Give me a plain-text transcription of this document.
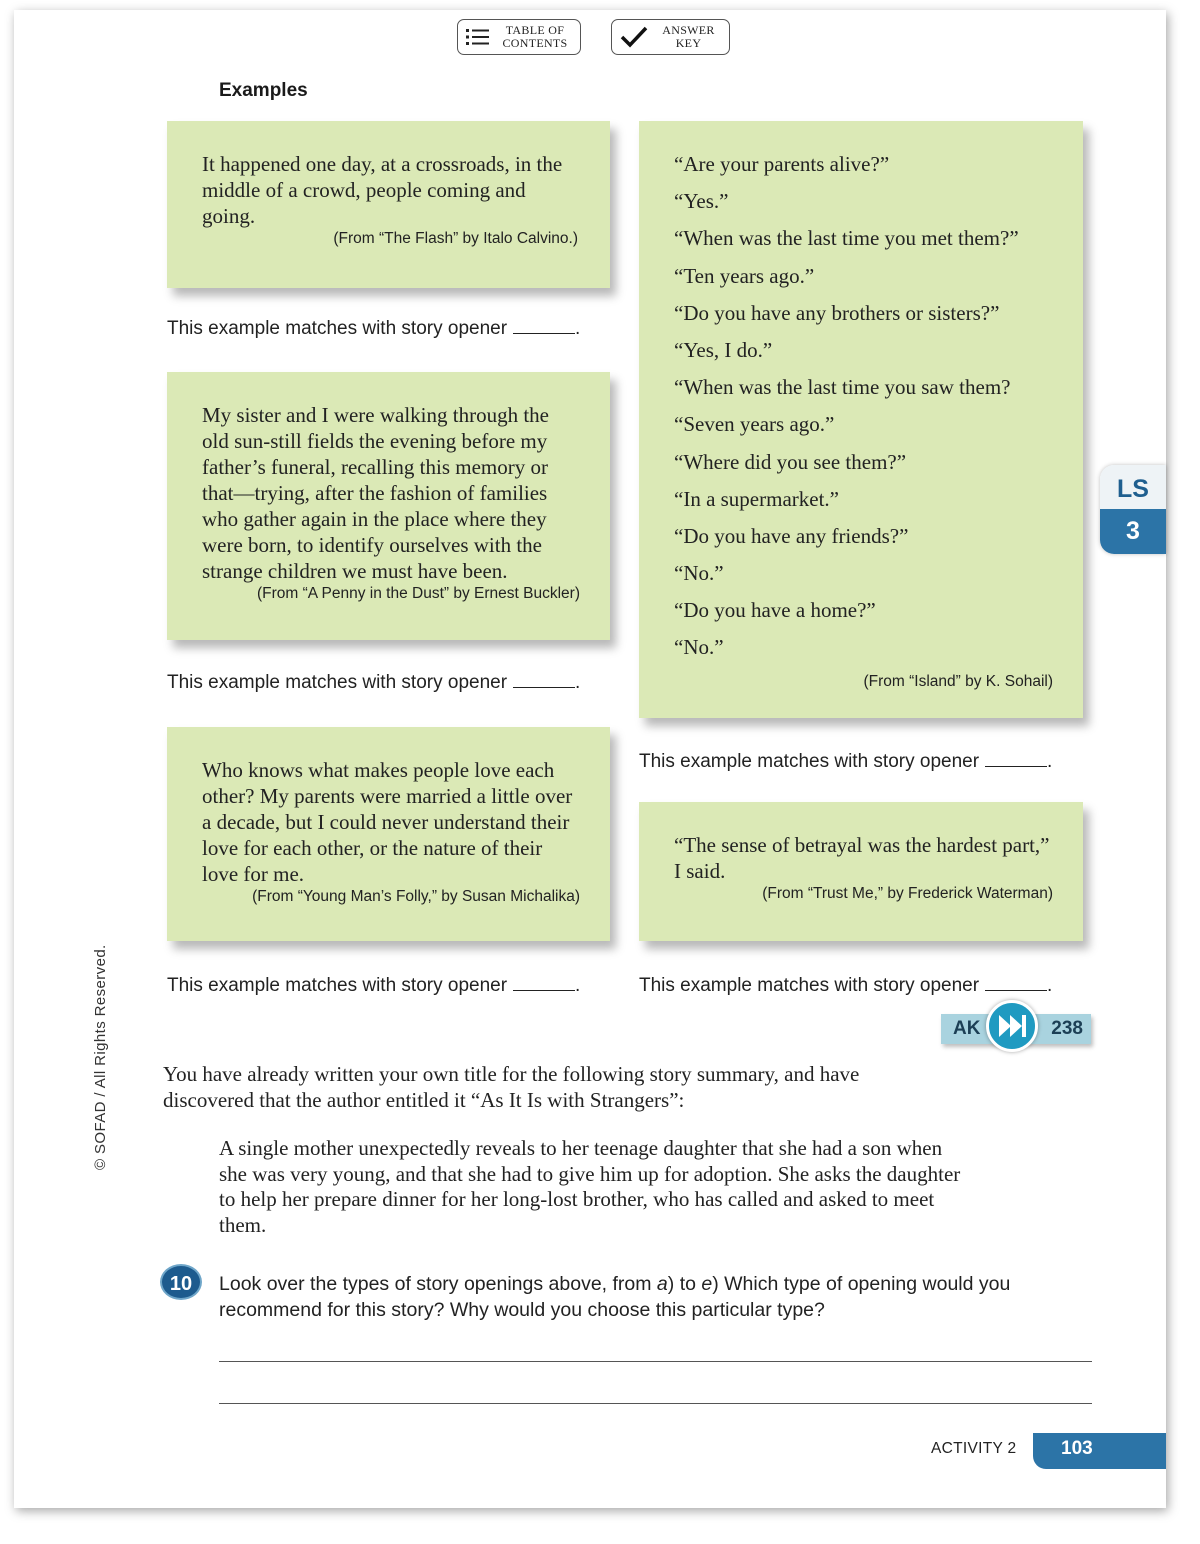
TABLE OF
CONTENTS
ANSWER
KEY
Examples
It happened one day, at a crossroads, in the middle of a crowd, people coming and going.
(From “The Flash” by Italo Calvino.)
This example matches with story opener	.
My sister and I were walking through the old sun-still fields the evening before my father’s funeral, recalling this memory or that—trying, after the fashion of families who gather again in the place where they were born, to identify ourselves with the strange children we must have been.
(From “A Penny in the Dust” by Ernest Buckler)
This example matches with story opener	.
Who knows what makes people love each other? My parents were married a little over a decade, but I could never understand their love for each other, or the nature of their love for me.
(From “Young Man’s Folly,” by Susan Michalika)
This example matches with story opener	.

“Are your parents alive?”

“Yes.”

“When was the last time you met them?”

“Ten years ago.”

“Do you have any brothers or sisters?”

“Yes, I do.”

“When was the last time you saw them?

“Seven years ago.”

“Where did you see them?”

“In a supermarket.”

“Do you have any friends?”

“No.”

“Do you have a home?”

“No.”

(From “Island” by K. Sohail)
This example matches with story opener	.
“The sense of betrayal was the hardest part,” I said.
(From “Trust Me,” by Frederick Waterman)
This example matches with story opener	.
LS
3
AK	238
You have already written your own title for the following story summary, and have discovered that the author entitled it “As It Is with Strangers”:
A single mother unexpectedly reveals to her teenage daughter that she had a son when she was very young, and that she had to give him up for adoption. She asks the daughter to help her prepare dinner for her long-lost brother, who has called and asked to meet them.
10	Look over the types of story openings above, from a) to e) Which type of opening would you recommend for this story? Why would you choose this particular type?
ACTIVITY 2	103
© SOFAD / All Rights Reserved.
